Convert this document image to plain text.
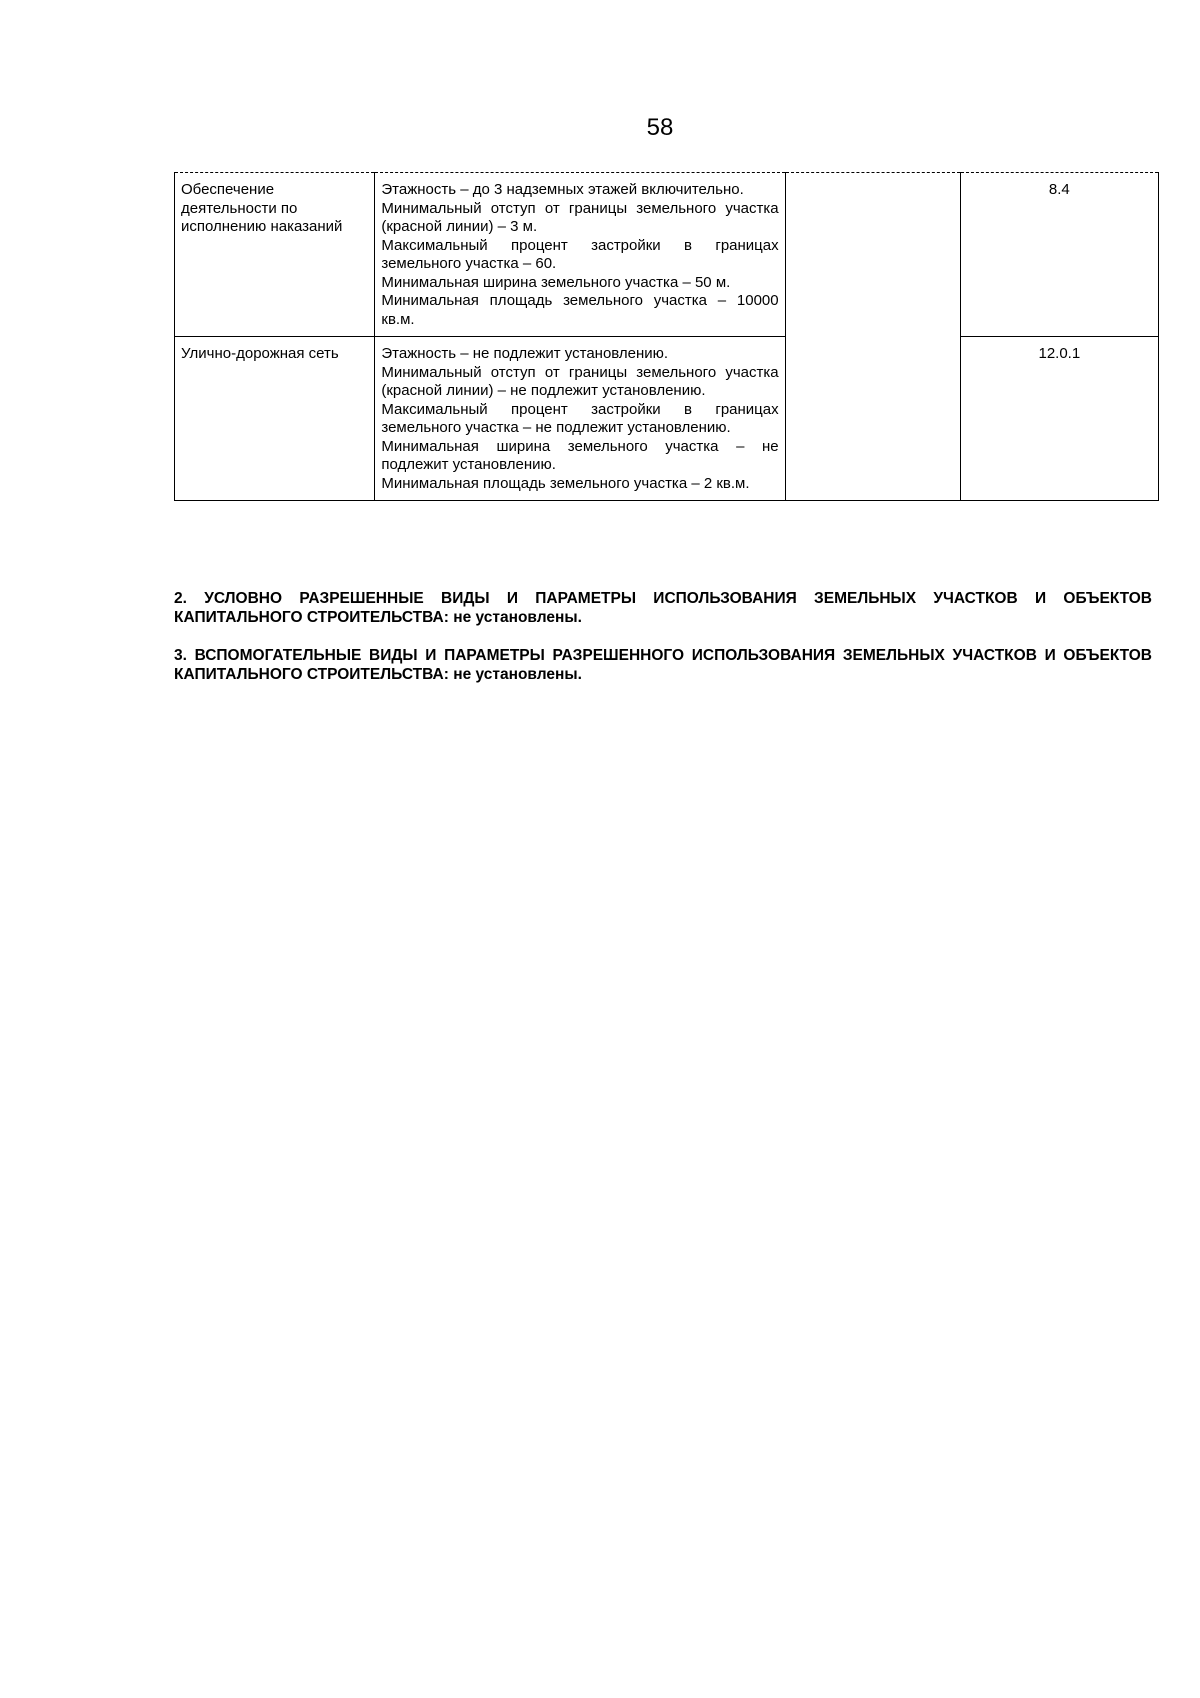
58
Обеспечение деятельности по исполнению наказаний	Этажность – до 3 надземных этажей включительно.
Минимальный отступ от границы земельного участка (красной линии) – 3 м.
Максимальный процент застройки в границах земельного участка – 60.
Минимальная ширина земельного участка – 50 м.
Минимальная площадь земельного участка – 10000 кв.м.		8.4
Улично-дорожная сеть	Этажность – не подлежит установлению.
Минимальный отступ от границы земельного участка (красной линии) – не подлежит установлению.
Максимальный процент застройки в границах земельного участка – не подлежит установлению.
Минимальная ширина земельного участка – не подлежит установлению.
Минимальная площадь земельного участка – 2 кв.м.		12.0.1
2. УСЛОВНО РАЗРЕШЕННЫЕ ВИДЫ И ПАРАМЕТРЫ ИСПОЛЬЗОВАНИЯ ЗЕМЕЛЬНЫХ УЧАСТКОВ И ОБЪЕКТОВ КАПИТАЛЬНОГО СТРОИТЕЛЬСТВА: не установлены.
3. ВСПОМОГАТЕЛЬНЫЕ ВИДЫ И ПАРАМЕТРЫ РАЗРЕШЕННОГО ИСПОЛЬЗОВАНИЯ ЗЕМЕЛЬНЫХ УЧАСТКОВ И ОБЪЕКТОВ КАПИТАЛЬНОГО СТРОИТЕЛЬСТВА: не установлены.
